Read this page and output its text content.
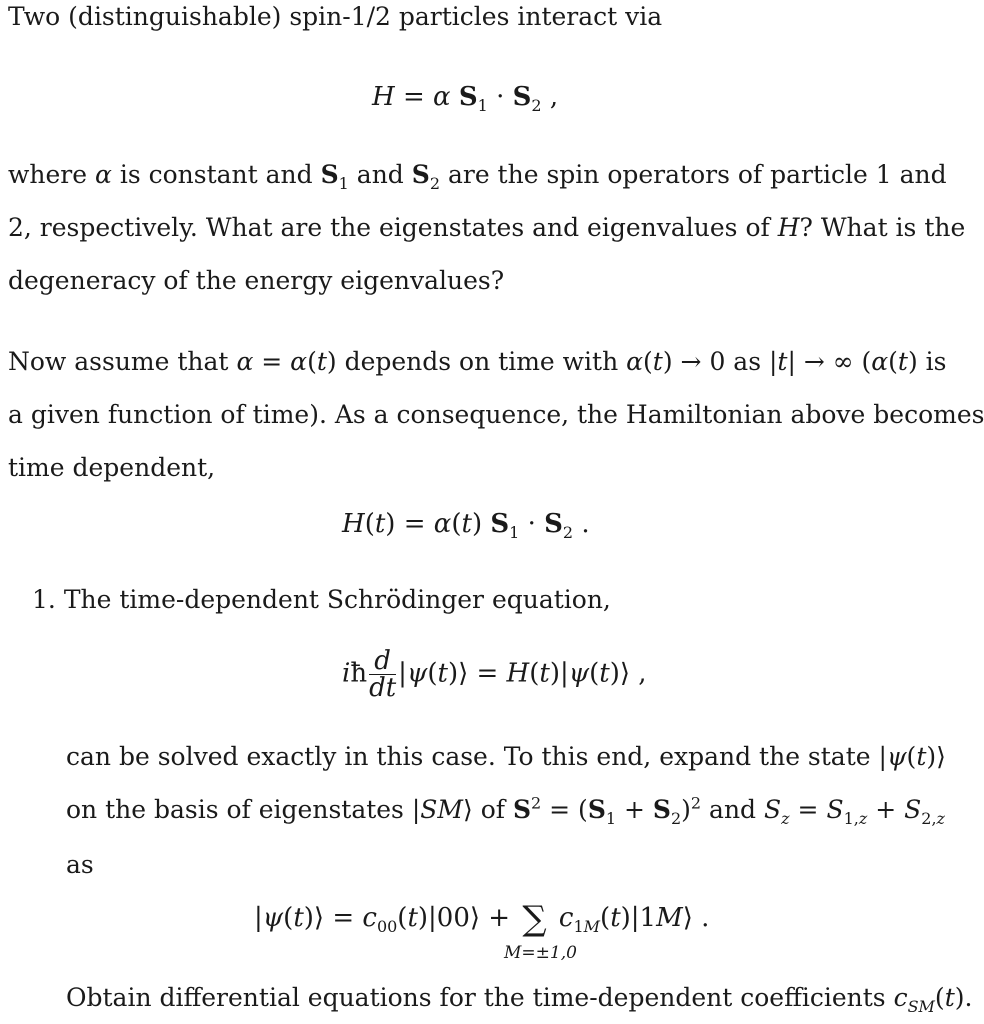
Two (distinguishable) spin-1/2 particles interact via
H = α $S_1 \cdot S_2$ ,
where α is constant and $S_1$ and $S_2$ are the spin operators of particle 1 and
2, respectively. What are the eigenstates and eigenvalues of H? What is the
degeneracy of the energy eigenvalues?
Now assume that α = α(t) depends on time with α(t) → 0 as |t| → ∞ (α(t) is
a given function of time). As a consequence, the Hamiltonian above becomes
time dependent,
H(t) = α(t) $S_1 \cdot S_2$ .
1. The time-dependent Schrödinger equation,
iħ $\frac{d}{dt}$ |ψ(t)⟩ = H(t)|ψ(t)⟩ ,
can be solved exactly in this case. To this end, expand the state |ψ(t)⟩
on the basis of eigenstates |SM⟩ of $S^2 = (S_1 + S_2)^2$ and $S_z = S_{1,z} + S_{2,z}$
as
|ψ(t)⟩ = $c_{00}(t)|00⟩$ + ∑ $c_{1M}(t)|1M⟩$ .
M=±1,0
Obtain differential equations for the time-dependent coefficients $c_{SM}(t)$.
